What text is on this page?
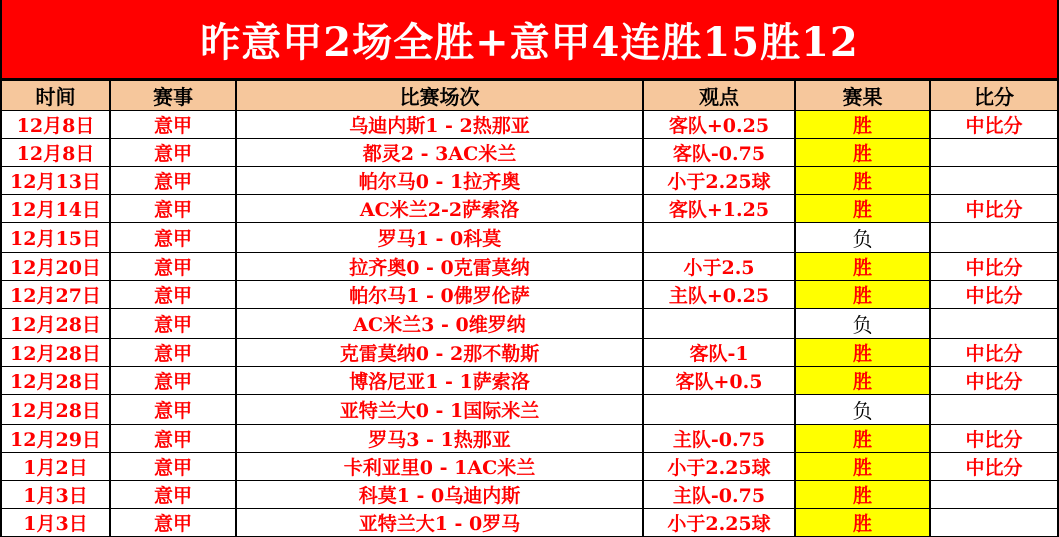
昨意甲2场全胜+意甲4连胜15胜12
时间	赛事	比赛场次	观点	赛果	比分
12月8日	意甲	乌迪内斯1 - 2热那亚	客队+0.25	胜	中比分
12月8日	意甲	都灵2 - 3AC米兰	客队-0.75	胜	
12月13日	意甲	帕尔马0 - 1拉齐奥	小于2.25球	胜	
12月14日	意甲	AC米兰2-2萨索洛	客队+1.25	胜	中比分
12月15日	意甲	罗马1 - 0科莫		负	
12月20日	意甲	拉齐奥0 - 0克雷莫纳	小于2.5	胜	中比分
12月27日	意甲	帕尔马1 - 0佛罗伦萨	主队+0.25	胜	中比分
12月28日	意甲	AC米兰3 - 0维罗纳		负	
12月28日	意甲	克雷莫纳0 - 2那不勒斯	客队-1	胜	中比分
12月28日	意甲	博洛尼亚1 - 1萨索洛	客队+0.5	胜	中比分
12月28日	意甲	亚特兰大0 - 1国际米兰		负	
12月29日	意甲	罗马3 - 1热那亚	主队-0.75	胜	中比分
1月2日	意甲	卡利亚里0 - 1AC米兰	小于2.25球	胜	中比分
1月3日	意甲	科莫1 - 0乌迪内斯	主队-0.75	胜	
1月3日	意甲	亚特兰大1 - 0罗马	小于2.25球	胜	
